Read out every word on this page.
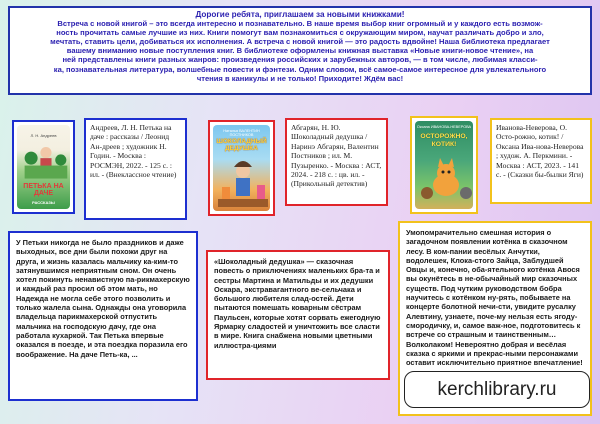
Дорогие ребята, приглашаем за новыми книжками!
Встреча с новой книгой – это всегда интересно и познавательно. В наше время выбор книг огромный и у каждого есть возмож-
ность прочитать самые лучшие из них. Книги помогут вам познакомиться с окружающим миром, научат различать добро и зло,
мечтать, ставить цели, добиваться их исполнения. А встреча с новой книгой — это радость вдвойне! Наша библиотека предлагает
вашему вниманию новые поступления книг. В библиотеке оформлены книжная выставка «Новые книги-новое чтение», на
ней представлены книги разных жанров: произведения российских и зарубежных авторов, — в том числе, любимая класси-
ка, познавательная литература, волшебные повести и фэнтези. Одним словом, всё самое-самое интересное для увлекательного
чтения в каникулы и не только! Приходите! Ждём вас!
Л. Н. Андреев
ПЕТЬКА НА ДАЧЕ
РАССКАЗЫ
Андреев, Л. Н. Петька на даче : рассказы / Леонид Ан-дреев ; художник Н. Годин. - Москва : РОСМЭН, 2022. - 125 с. : ил. - (Внеклассное чтение)
Наталья ВАЛЕНТИН ПОСТНИКОВ
ШОКОЛАДНЫЙ ДЕДУШКА
Абгарян, Н. Ю. Шоколадный дедушка / Наринэ Абгарян, Валентин Постников ; ил. М. Пузыренко. - Москва : АСТ, 2024. - 218 с. : цв. ил. - (Прикольный детектив)
Оксана ИВАНОВА-НЕВЕРОВА
ОСТОРОЖНО, КОТИК!
Иванова-Неверова, О. Осто-рожно, котик! / Оксана Ива-нова-Неверова ; худож. А. Перкмини. - Москва : АСТ, 2023. - 141 с. - (Сказки бы-былки Яги)
У Петьки никогда не было праздников и даже выходных, все дни были похожи друг на друга, и жизнь казалась мальчику ка-ким-то затянувшимся неприятным сном. Он очень хотел покинуть ненавистную па-рикмахерскую и каждый раз просил об этом мать, но Надежда не могла себе этого позволить и только жалела сына. Однажды она уговорила владельца парикмахерской отпустить мальчика на господскую дачу, где она работала кухаркой. Так Петька впервые оказался в поезде, и эта поездка поразила его воображение. На даче Петь-ка, ...
«Шоколадный дедушка» — сказочная повесть о приключениях маленьких бра-та и сестры Мартина и Матильды и их дедушки Оскара, экстравагантного ве-сельчака и большого любителя слад-остей. Дети пытаются помешать коварным сёстрам Паульсен, которые хотят сорвать ежегодную Ярмарку сладостей и уничтожить все сласти в мире. Книга снабжена новыми цветными иллюстра-циями
Умопомрачительно смешная история о загадочном появлении котёнка в сказочном лесу. В ком-пании весёлых Анчутки, водолешек, Клока-стого Зайца, Заблудшей Овцы и, конечно, оба-ятельного котёнка Авося вы окунётесь в не-обычайный мир сказочных существ. Под чутким руководством бобра научитесь с котёнком ну-рять, побываете на концерте болотной нечи-сти, увидите русалку Алевтину, узнаете, поче-му нельзя есть ягоду-смородичку, и, самое важ-ное, подготовитесь к встрече со страшным и таинственным… Волколаком! Невероятно добрая и весёлая сказка с яркими и прекрас-ными персонажами оставит исключительно приятное впечатление!
kerchlibrary.ru
